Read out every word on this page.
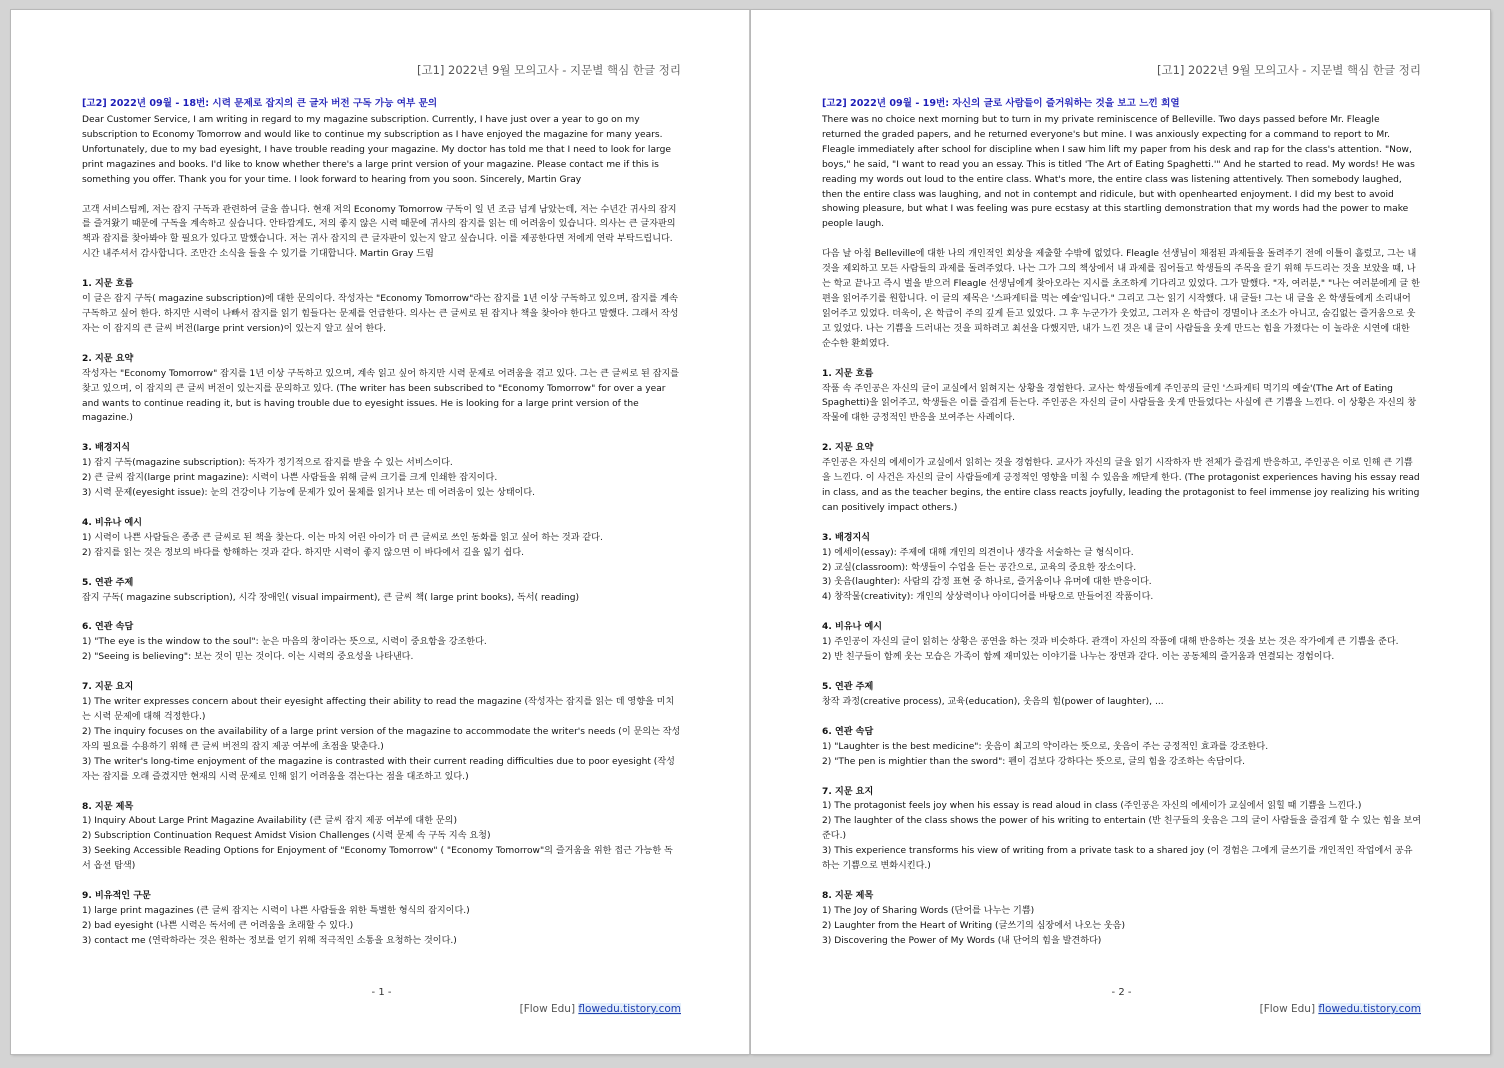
[고1] 2022년 9월 모의고사 - 지문별 핵심 한글 정리
[고2] 2022년 09월 - 18번: 시력 문제로 잡지의 큰 글자 버전 구독 가능 여부 문의

Dear Customer Service, I am writing in regard to my magazine subscription. Currently, I have just over a year to go on my subscription to Economy Tomorrow and would like to continue my subscription as I have enjoyed the magazine for many years. Unfortunately, due to my bad eyesight, I have trouble reading your magazine. My doctor has told me that I need to look for large print magazines and books. I'd like to know whether there's a large print version of your magazine. Please contact me if this is something you offer. Thank you for your time. I look forward to hearing from you soon. Sincerely, Martin Gray

고객 서비스팀께, 저는 잡지 구독과 관련하여 글을 씁니다. 현재 저의 Economy Tomorrow 구독이 일 년 조금 넘게 남았는데, 저는 수년간 귀사의 잡지를 즐겨왔기 때문에 구독을 계속하고 싶습니다. 안타깝게도, 저의 좋지 않은 시력 때문에 귀사의 잡지를 읽는 데 어려움이 있습니다. 의사는 큰 글자판의 책과 잡지를 찾아봐야 할 필요가 있다고 말했습니다. 저는 귀사 잡지의 큰 글자판이 있는지 알고 싶습니다. 이를 제공한다면 저에게 연락 부탁드립니다. 시간 내주셔서 감사합니다. 조만간 소식을 들을 수 있기를 기대합니다. Martin Gray 드림

1. 지문 흐름
이 글은 잡지 구독( magazine subscription)에 대한 문의이다. 작성자는 "Economy Tomorrow"라는 잡지를 1년 이상 구독하고 있으며, 잡지를 계속 구독하고 싶어 한다. 하지만 시력이 나빠서 잡지를 읽기 힘들다는 문제를 언급한다. 의사는 큰 글씨로 된 잡지나 책을 찾아야 한다고 말했다. 그래서 작성자는 이 잡지의 큰 글씨 버전(large print version)이 있는지 알고 싶어 한다.
2. 지문 요약
작성자는 "Economy Tomorrow" 잡지를 1년 이상 구독하고 있으며, 계속 읽고 싶어 하지만 시력 문제로 어려움을 겪고 있다. 그는 큰 글씨로 된 잡지를 찾고 있으며, 이 잡지의 큰 글씨 버전이 있는지를 문의하고 있다. (The writer has been subscribed to "Economy Tomorrow" for over a year and wants to continue reading it, but is having trouble due to eyesight issues. He is looking for a large print version of the magazine.)
3. 배경지식
1) 잡지 구독(magazine subscription): 독자가 정기적으로 잡지를 받을 수 있는 서비스이다.
2) 큰 글씨 잡지(large print magazine): 시력이 나쁜 사람들을 위해 글씨 크기를 크게 인쇄한 잡지이다.
3) 시력 문제(eyesight issue): 눈의 건강이나 기능에 문제가 있어 물체를 읽거나 보는 데 어려움이 있는 상태이다.
4. 비유나 예시
1) 시력이 나쁜 사람들은 종종 큰 글씨로 된 책을 찾는다. 이는 마치 어린 아이가 더 큰 글씨로 쓰인 동화를 읽고 싶어 하는 것과 같다.
2) 잡지를 읽는 것은 정보의 바다를 항해하는 것과 같다. 하지만 시력이 좋지 않으면 이 바다에서 길을 잃기 쉽다.
5. 연관 주제
잡지 구독( magazine subscription), 시각 장애인( visual impairment), 큰 글씨 책( large print books), 독서( reading)
6. 연관 속담
1) "The eye is the window to the soul": 눈은 마음의 창이라는 뜻으로, 시력이 중요함을 강조한다.
2) "Seeing is believing": 보는 것이 믿는 것이다. 이는 시력의 중요성을 나타낸다.
7. 지문 요지
1) The writer expresses concern about their eyesight affecting their ability to read the magazine (작성자는 잡지를 읽는 데 영향을 미치는 시력 문제에 대해 걱정한다.)
2) The inquiry focuses on the availability of a large print version of the magazine to accommodate the writer's needs (이 문의는 작성자의 필요를 수용하기 위해 큰 글씨 버전의 잡지 제공 여부에 초점을 맞춘다.)
3) The writer's long-time enjoyment of the magazine is contrasted with their current reading difficulties due to poor eyesight (작성자는 잡지를 오래 즐겼지만 현재의 시력 문제로 인해 읽기 어려움을 겪는다는 점을 대조하고 있다.)
8. 지문 제목
1) Inquiry About Large Print Magazine Availability (큰 글씨 잡지 제공 여부에 대한 문의)
2) Subscription Continuation Request Amidst Vision Challenges (시력 문제 속 구독 지속 요청)
3) Seeking Accessible Reading Options for Enjoyment of "Economy Tomorrow" ( "Economy Tomorrow"의 즐거움을 위한 접근 가능한 독서 옵션 탐색)
9. 비유적인 구문
1) large print magazines (큰 글씨 잡지는 시력이 나쁜 사람들을 위한 특별한 형식의 잡지이다.)
2) bad eyesight (나쁜 시력은 독서에 큰 어려움을 초래할 수 있다.)
3) contact me (연락하라는 것은 원하는 정보를 얻기 위해 적극적인 소통을 요청하는 것이다.)
- 1 -
[Flow Edu] flowedu.tistory.com
[고1] 2022년 9월 모의고사 - 지문별 핵심 한글 정리
[고2] 2022년 09월 - 19번: 자신의 글로 사람들이 즐거워하는 것을 보고 느낀 희열

There was no choice next morning but to turn in my private reminiscence of Belleville. Two days passed before Mr. Fleagle returned the graded papers, and he returned everyone's but mine. I was anxiously expecting for a command to report to Mr. Fleagle immediately after school for discipline when I saw him lift my paper from his desk and rap for the class's attention. "Now, boys," he said, "I want to read you an essay. This is titled 'The Art of Eating Spaghetti.'" And he started to read. My words! He was reading my words out loud to the entire class. What's more, the entire class was listening attentively. Then somebody laughed, then the entire class was laughing, and not in contempt and ridicule, but with openhearted enjoyment. I did my best to avoid showing pleasure, but what I was feeling was pure ecstasy at this startling demonstration that my words had the power to make people laugh.

다음 날 아침 Belleville에 대한 나의 개인적인 회상을 제출할 수밖에 없었다. Fleagle 선생님이 채점된 과제들을 돌려주기 전에 이틀이 흘렀고, 그는 내 것을 제외하고 모든 사람들의 과제를 돌려주었다. 나는 그가 그의 책상에서 내 과제를 집어들고 학생들의 주목을 끌기 위해 두드리는 것을 보았을 때, 나는 학교 끝나고 즉시 벌을 받으러 Fleagle 선생님에게 찾아오라는 지시를 초조하게 기다리고 있었다. 그가 말했다. "자, 여러분," "나는 여러분에게 글 한 편을 읽어주기를 원합니다. 이 글의 제목은 '스파게티를 먹는 예술'입니다." 그리고 그는 읽기 시작했다. 내 글들! 그는 내 글을 온 학생들에게 소리내어 읽어주고 있었다. 더욱이, 온 학급이 주의 깊게 듣고 있었다. 그 후 누군가가 웃었고, 그러자 온 학급이 경멸이나 조소가 아니고, 숨김없는 즐거움으로 웃고 있었다. 나는 기쁨을 드러내는 것을 피하려고 최선을 다했지만, 내가 느낀 것은 내 글이 사람들을 웃게 만드는 힘을 가졌다는 이 놀라운 시연에 대한 순수한 환희였다.

1. 지문 흐름
작품 속 주인공은 자신의 글이 교실에서 읽혀지는 상황을 경험한다. 교사는 학생들에게 주인공의 글인 '스파게티 먹기의 예술'(The Art of Eating Spaghetti)을 읽어주고, 학생들은 이를 즐겁게 듣는다. 주인공은 자신의 글이 사람들을 웃게 만들었다는 사실에 큰 기쁨을 느낀다. 이 상황은 자신의 창작물에 대한 긍정적인 반응을 보여주는 사례이다.
2. 지문 요약
주인공은 자신의 에세이가 교실에서 읽히는 것을 경험한다. 교사가 자신의 글을 읽기 시작하자 반 전체가 즐겁게 반응하고, 주인공은 이로 인해 큰 기쁨을 느낀다. 이 사건은 자신의 글이 사람들에게 긍정적인 영향을 미칠 수 있음을 깨닫게 한다. (The protagonist experiences having his essay read in class, and as the teacher begins, the entire class reacts joyfully, leading the protagonist to feel immense joy realizing his writing can positively impact others.)
3. 배경지식
1) 에세이(essay): 주제에 대해 개인의 의견이나 생각을 서술하는 글 형식이다.
2) 교실(classroom): 학생들이 수업을 듣는 공간으로, 교육의 중요한 장소이다.
3) 웃음(laughter): 사람의 감정 표현 중 하나로, 즐거움이나 유머에 대한 반응이다.
4) 창작물(creativity): 개인의 상상력이나 아이디어를 바탕으로 만들어진 작품이다.
4. 비유나 예시
1) 주인공이 자신의 글이 읽히는 상황은 공연을 하는 것과 비슷하다. 관객이 자신의 작품에 대해 반응하는 것을 보는 것은 작가에게 큰 기쁨을 준다.
2) 반 친구들이 함께 웃는 모습은 가족이 함께 재미있는 이야기를 나누는 장면과 같다. 이는 공동체의 즐거움과 연결되는 경험이다.
5. 연관 주제
창작 과정(creative process), 교육(education), 웃음의 힘(power of laughter), ...
6. 연관 속담
1) "Laughter is the best medicine": 웃음이 최고의 약이라는 뜻으로, 웃음이 주는 긍정적인 효과를 강조한다.
2) "The pen is mightier than the sword": 펜이 검보다 강하다는 뜻으로, 글의 힘을 강조하는 속담이다.
7. 지문 요지
1) The protagonist feels joy when his essay is read aloud in class (주인공은 자신의 에세이가 교실에서 읽힐 때 기쁨을 느낀다.)
2) The laughter of the class shows the power of his writing to entertain (반 친구들의 웃음은 그의 글이 사람들을 즐겁게 할 수 있는 힘을 보여준다.)
3) This experience transforms his view of writing from a private task to a shared joy (이 경험은 그에게 글쓰기를 개인적인 작업에서 공유하는 기쁨으로 변화시킨다.)
8. 지문 제목
1) The Joy of Sharing Words (단어를 나누는 기쁨)
2) Laughter from the Heart of Writing (글쓰기의 심장에서 나오는 웃음)
3) Discovering the Power of My Words (내 단어의 힘을 발견하다)
- 2 -
[Flow Edu] flowedu.tistory.com
